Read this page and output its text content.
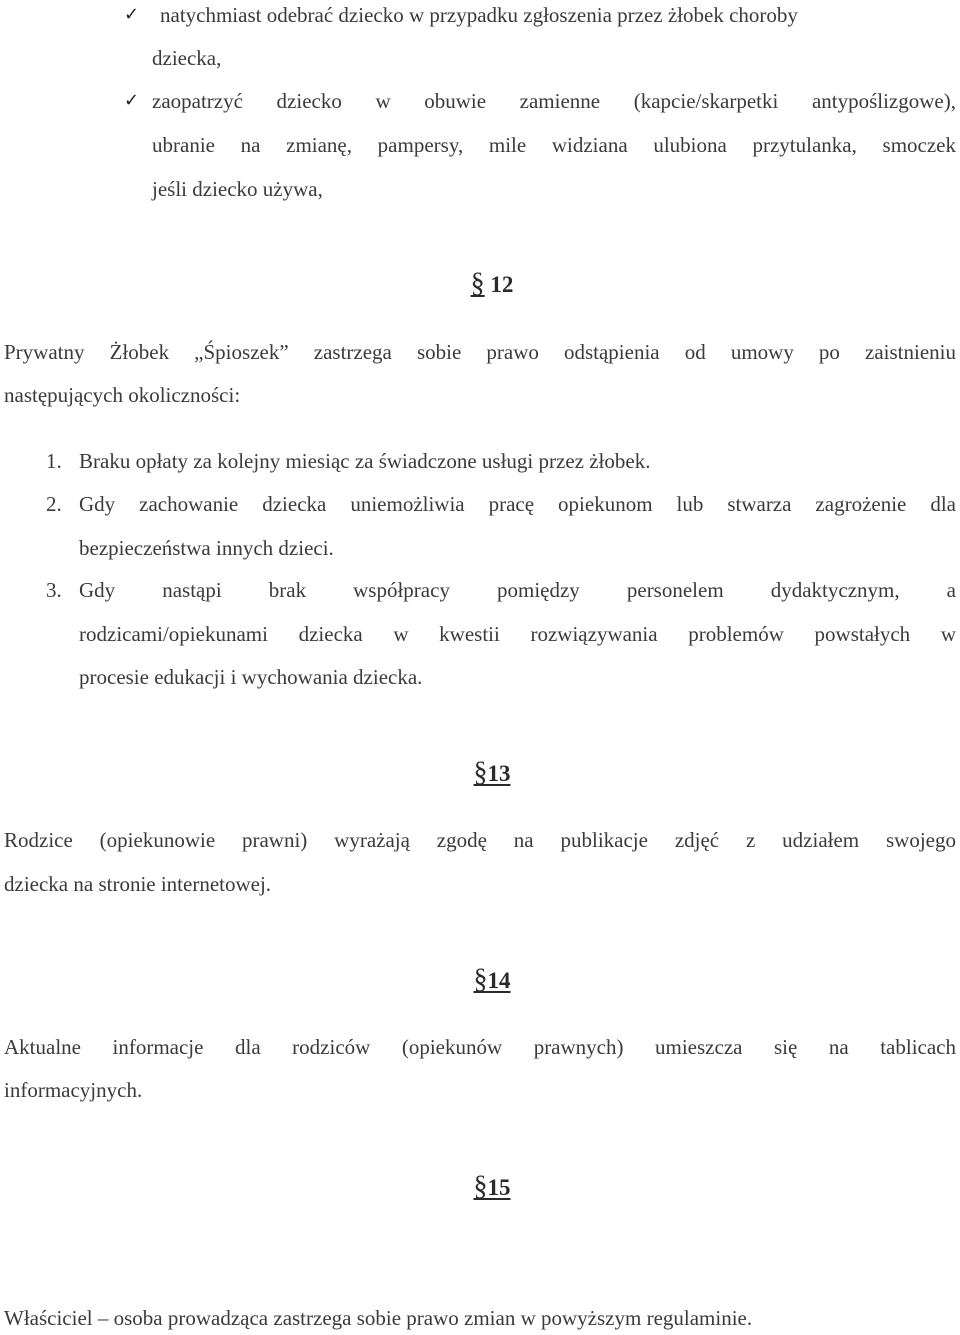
✓ natychmiast odebrać dziecko w przypadku zgłoszenia przez żłobek choroby
dziecka,
✓ zaopatrzyć dziecko w obuwie zamienne (kapcie/skarpetki antypoślizgowe),
ubranie na zmianę, pampersy, mile widziana ulubiona przytulanka, smoczek
jeśli dziecko używa,
§ 12
Prywatny Żłobek „Śpioszek” zastrzega sobie prawo odstąpienia od umowy po zaistnieniu
następujących okoliczności:
1. Braku opłaty za kolejny miesiąc za świadczone usługi przez żłobek.
2. Gdy zachowanie dziecka uniemożliwia pracę opiekunom lub stwarza zagrożenie dla
bezpieczeństwa innych dzieci.
3. Gdy nastąpi brak współpracy pomiędzy personelem dydaktycznym, a
rodzicami/opiekunami dziecka w kwestii rozwiązywania problemów powstałych w
procesie edukacji i wychowania dziecka.
§13
Rodzice (opiekunowie prawni) wyrażają zgodę na publikacje zdjęć z udziałem swojego
dziecka na stronie internetowej.
§14
Aktualne informacje dla rodziców (opiekunów prawnych) umieszcza się na tablicach
informacyjnych.
§15
Właściciel – osoba prowadząca zastrzega sobie prawo zmian w powyższym regulaminie.
